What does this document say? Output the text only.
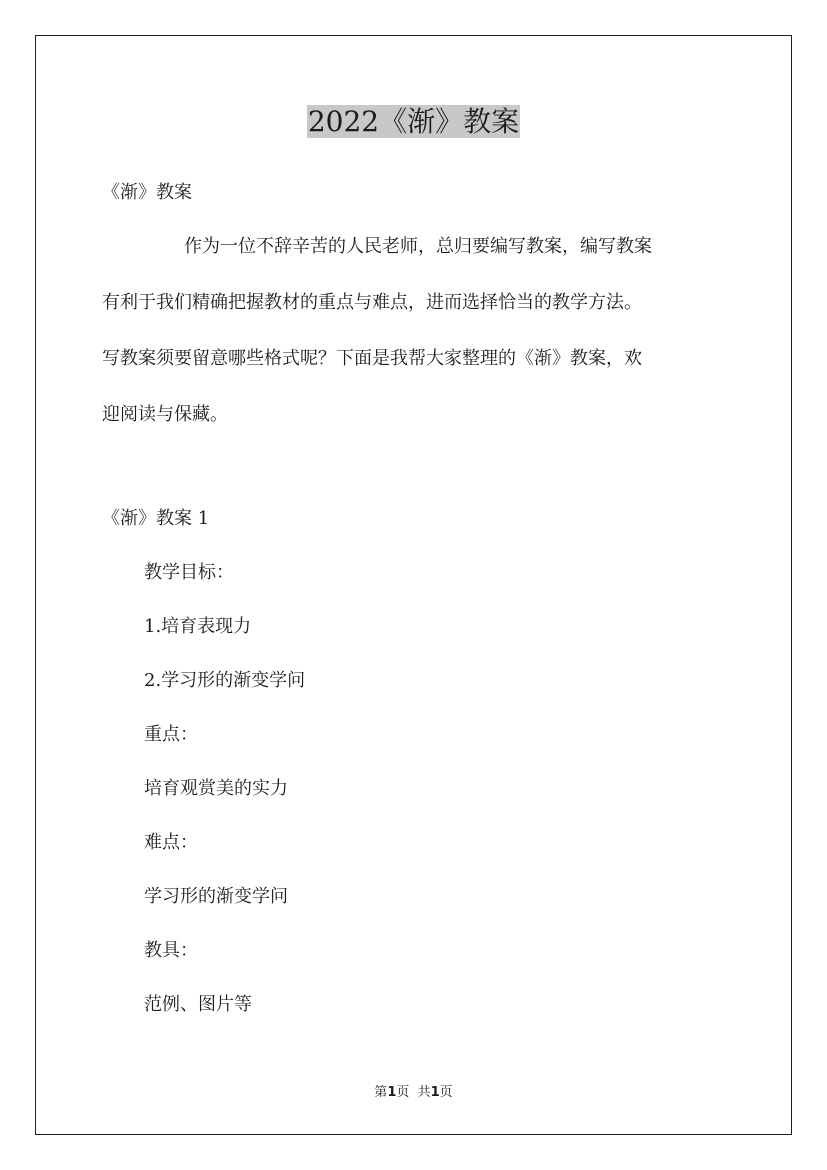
2022《渐》教案
《渐》教案

作为一位不辞辛苦的人民老师，总归要编写教案，编写教案

有利于我们精确把握教材的重点与难点，进而选择恰当的教学方法。

写教案须要留意哪些格式呢？下面是我帮大家整理的《渐》教案，欢

迎阅读与保藏。

《渐》教案 1
教学目标：
1.培育表现力
2.学习形的渐变学问
重点：
培育观赏美的实力
难点：
学习形的渐变学问
教具：
范例、图片等
第1页  共1页
